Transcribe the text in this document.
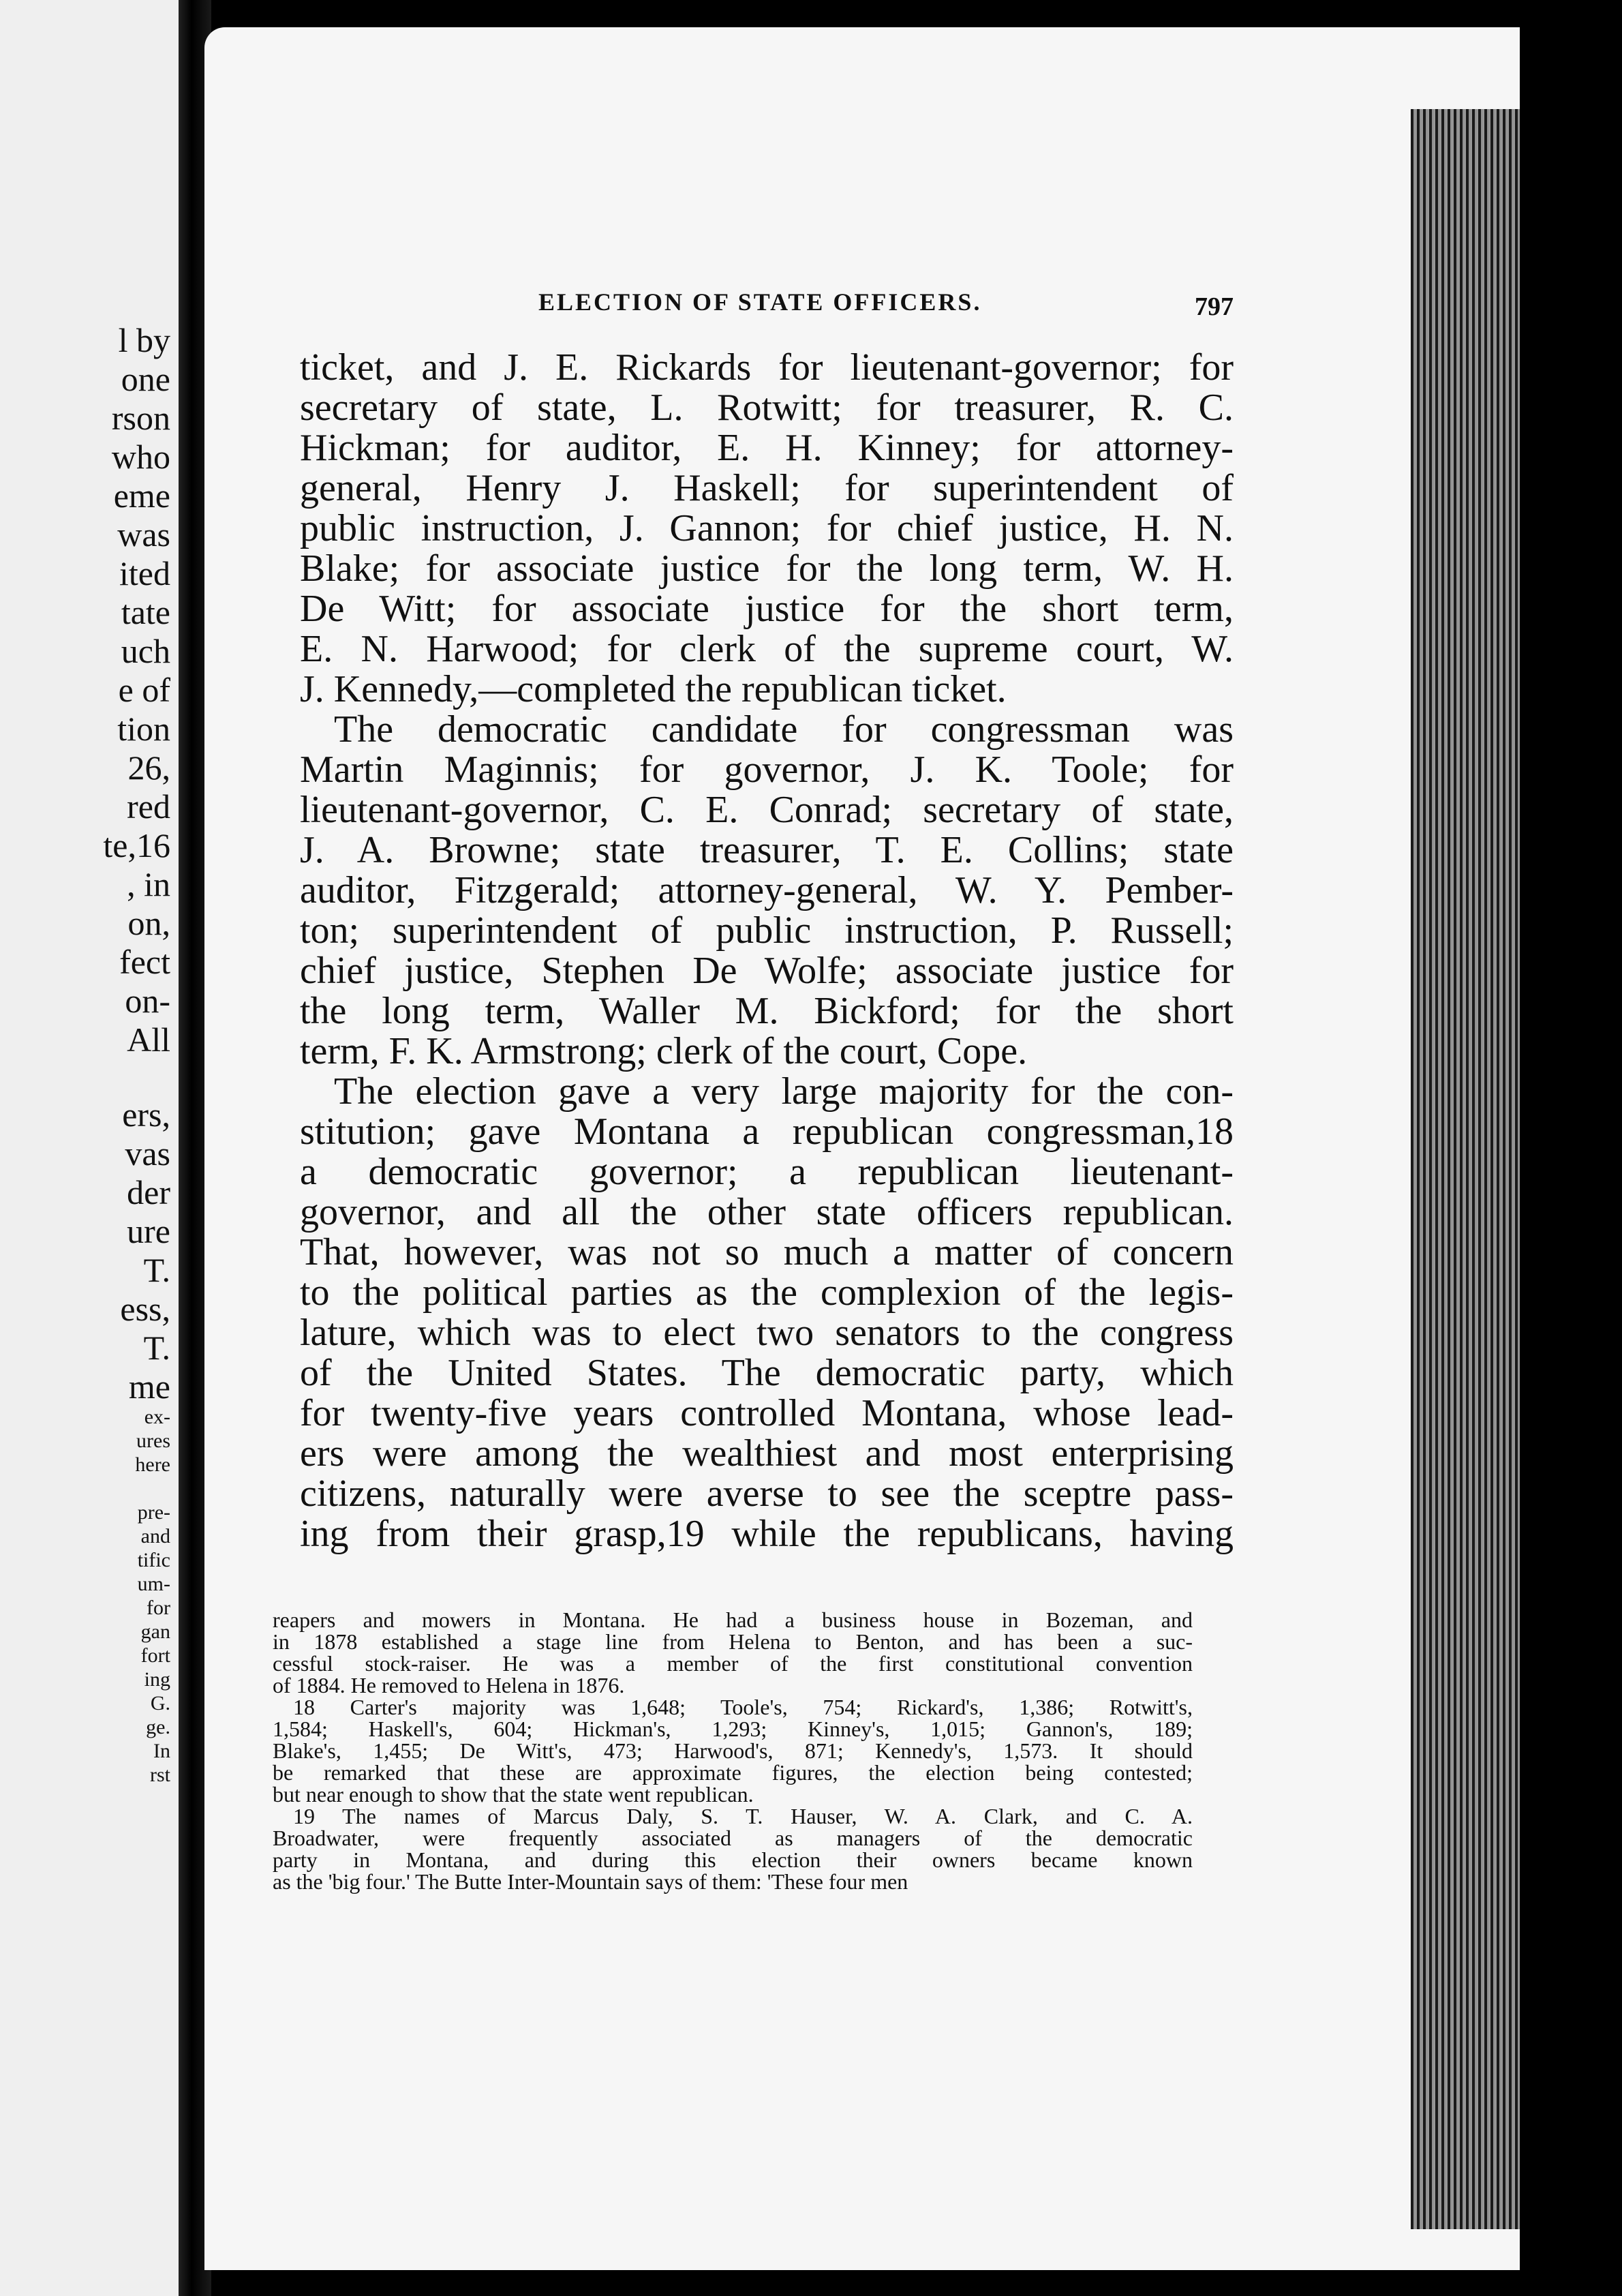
l by
one
rson
who
eme
was
ited
tate
uch
e of
tion
26,
red
te,16
, in
on,
fect
on-
All
ers,
vas
der
ure
T.
ess,
T.
me
ex-
ures
here
pre-
and
tific
um-
for
gan
fort
ing
G.
ge.
In
rst
ELECTION OF STATE OFFICERS.	797
ticket, and J. E. Rickards for lieutenant-governor; for
secretary of state, L. Rotwitt; for treasurer, R. C.
Hickman; for auditor, E. H. Kinney; for attorney-
general, Henry J. Haskell; for superintendent of
public instruction, J. Gannon; for chief justice, H. N.
Blake; for associate justice for the long term, W. H.
De Witt; for associate justice for the short term,
E. N. Harwood; for clerk of the supreme court, W.
J. Kennedy,—completed the republican ticket.
The democratic candidate for congressman was
Martin Maginnis; for governor, J. K. Toole; for
lieutenant-governor, C. E. Conrad; secretary of state,
J. A. Browne; state treasurer, T. E. Collins; state
auditor, Fitzgerald; attorney-general, W. Y. Pember-
ton; superintendent of public instruction, P. Russell;
chief justice, Stephen De Wolfe; associate justice for
the long term, Waller M. Bickford; for the short
term, F. K. Armstrong; clerk of the court, Cope.
The election gave a very large majority for the con-
stitution; gave Montana a republican congressman,18
a democratic governor; a republican lieutenant-
governor, and all the other state officers republican.
That, however, was not so much a matter of concern
to the political parties as the complexion of the legis-
lature, which was to elect two senators to the congress
of the United States. The democratic party, which
for twenty-five years controlled Montana, whose lead-
ers were among the wealthiest and most enterprising
citizens, naturally were averse to see the sceptre pass-
ing from their grasp,19 while the republicans, having
reapers and mowers in Montana. He had a business house in Bozeman, and
in 1878 established a stage line from Helena to Benton, and has been a suc-
cessful stock-raiser. He was a member of the first constitutional convention
of 1884. He removed to Helena in 1876.
18 Carter's majority was 1,648; Toole's, 754; Rickard's, 1,386; Rotwitt's,
1,584; Haskell's, 604; Hickman's, 1,293; Kinney's, 1,015; Gannon's, 189;
Blake's, 1,455; De Witt's, 473; Harwood's, 871; Kennedy's, 1,573. It should
be remarked that these are approximate figures, the election being contested;
but near enough to show that the state went republican.
19 The names of Marcus Daly, S. T. Hauser, W. A. Clark, and C. A.
Broadwater, were frequently associated as managers of the democratic
party in Montana, and during this election their owners became known
as the 'big four.' The Butte Inter-Mountain says of them: 'These four men
